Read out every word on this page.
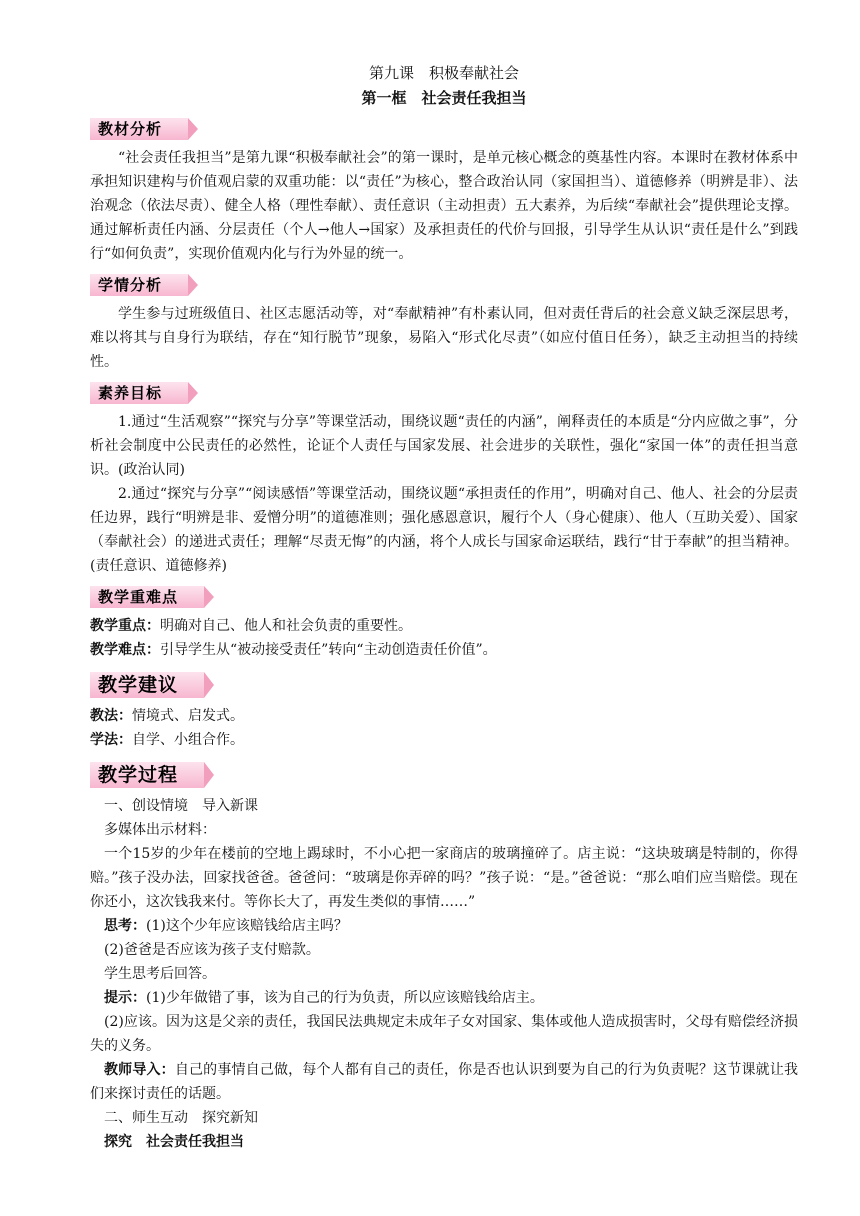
第九课　积极奉献社会
第一框　社会责任我担当
教材分析

“社会责任我担当”是第九课“积极奉献社会”的第一课时，是单元核心概念的奠基性内容。本课时在教材体系中承担知识建构与价值观启蒙的双重功能：以“责任”为核心，整合政治认同（家国担当）、道德修养（明辨是非）、法治观念（依法尽责）、健全人格（理性奉献）、责任意识（主动担责）五大素养，为后续“奉献社会”提供理论支撑。通过解析责任内涵、分层责任（个人→他人→国家）及承担责任的代价与回报，引导学生从认识“责任是什么”到践行“如何负责”，实现价值观内化与行为外显的统一。

学情分析

学生参与过班级值日、社区志愿活动等，对“奉献精神”有朴素认同，但对责任背后的社会意义缺乏深层思考，难以将其与自身行为联结，存在“知行脱节”现象，易陷入“形式化尽责”（如应付值日任务），缺乏主动担当的持续性。

素养目标

1.通过“生活观察”“探究与分享”等课堂活动，围绕议题“责任的内涵”，阐释责任的本质是“分内应做之事”，分析社会制度中公民责任的必然性，论证个人责任与国家发展、社会进步的关联性，强化“家国一体”的责任担当意识。(政治认同)

2.通过“探究与分享”“阅读感悟”等课堂活动，围绕议题“承担责任的作用”，明确对自己、他人、社会的分层责任边界，践行“明辨是非、爱憎分明”的道德准则；强化感恩意识，履行个人（身心健康）、他人（互助关爱）、国家（奉献社会）的递进式责任；理解“尽责无悔”的内涵，将个人成长与国家命运联结，践行“甘于奉献”的担当精神。(责任意识、道德修养)

教学重难点

教学重点：明确对自己、他人和社会负责的重要性。

教学难点：引导学生从“被动接受责任”转向“主动创造责任价值”。

教学建议

教法：情境式、启发式。

学法：自学、小组合作。

教学过程

一、创设情境　导入新课

多媒体出示材料：

一个15岁的少年在楼前的空地上踢球时，不小心把一家商店的玻璃撞碎了。店主说：“这块玻璃是特制的，你得赔。”孩子没办法，回家找爸爸。爸爸问：“玻璃是你弄碎的吗？”孩子说：“是。”爸爸说：“那么咱们应当赔偿。现在你还小，这次钱我来付。等你长大了，再发生类似的事情……”

思考：(1)这个少年应该赔钱给店主吗？

(2)爸爸是否应该为孩子支付赔款。

学生思考后回答。

提示：(1)少年做错了事，该为自己的行为负责，所以应该赔钱给店主。

(2)应该。因为这是父亲的责任，我国民法典规定未成年子女对国家、集体或他人造成损害时，父母有赔偿经济损失的义务。

教师导入：自己的事情自己做，每个人都有自己的责任，你是否也认识到要为自己的行为负责呢？这节课就让我们来探讨责任的话题。

二、师生互动　探究新知

探究　社会责任我担当
